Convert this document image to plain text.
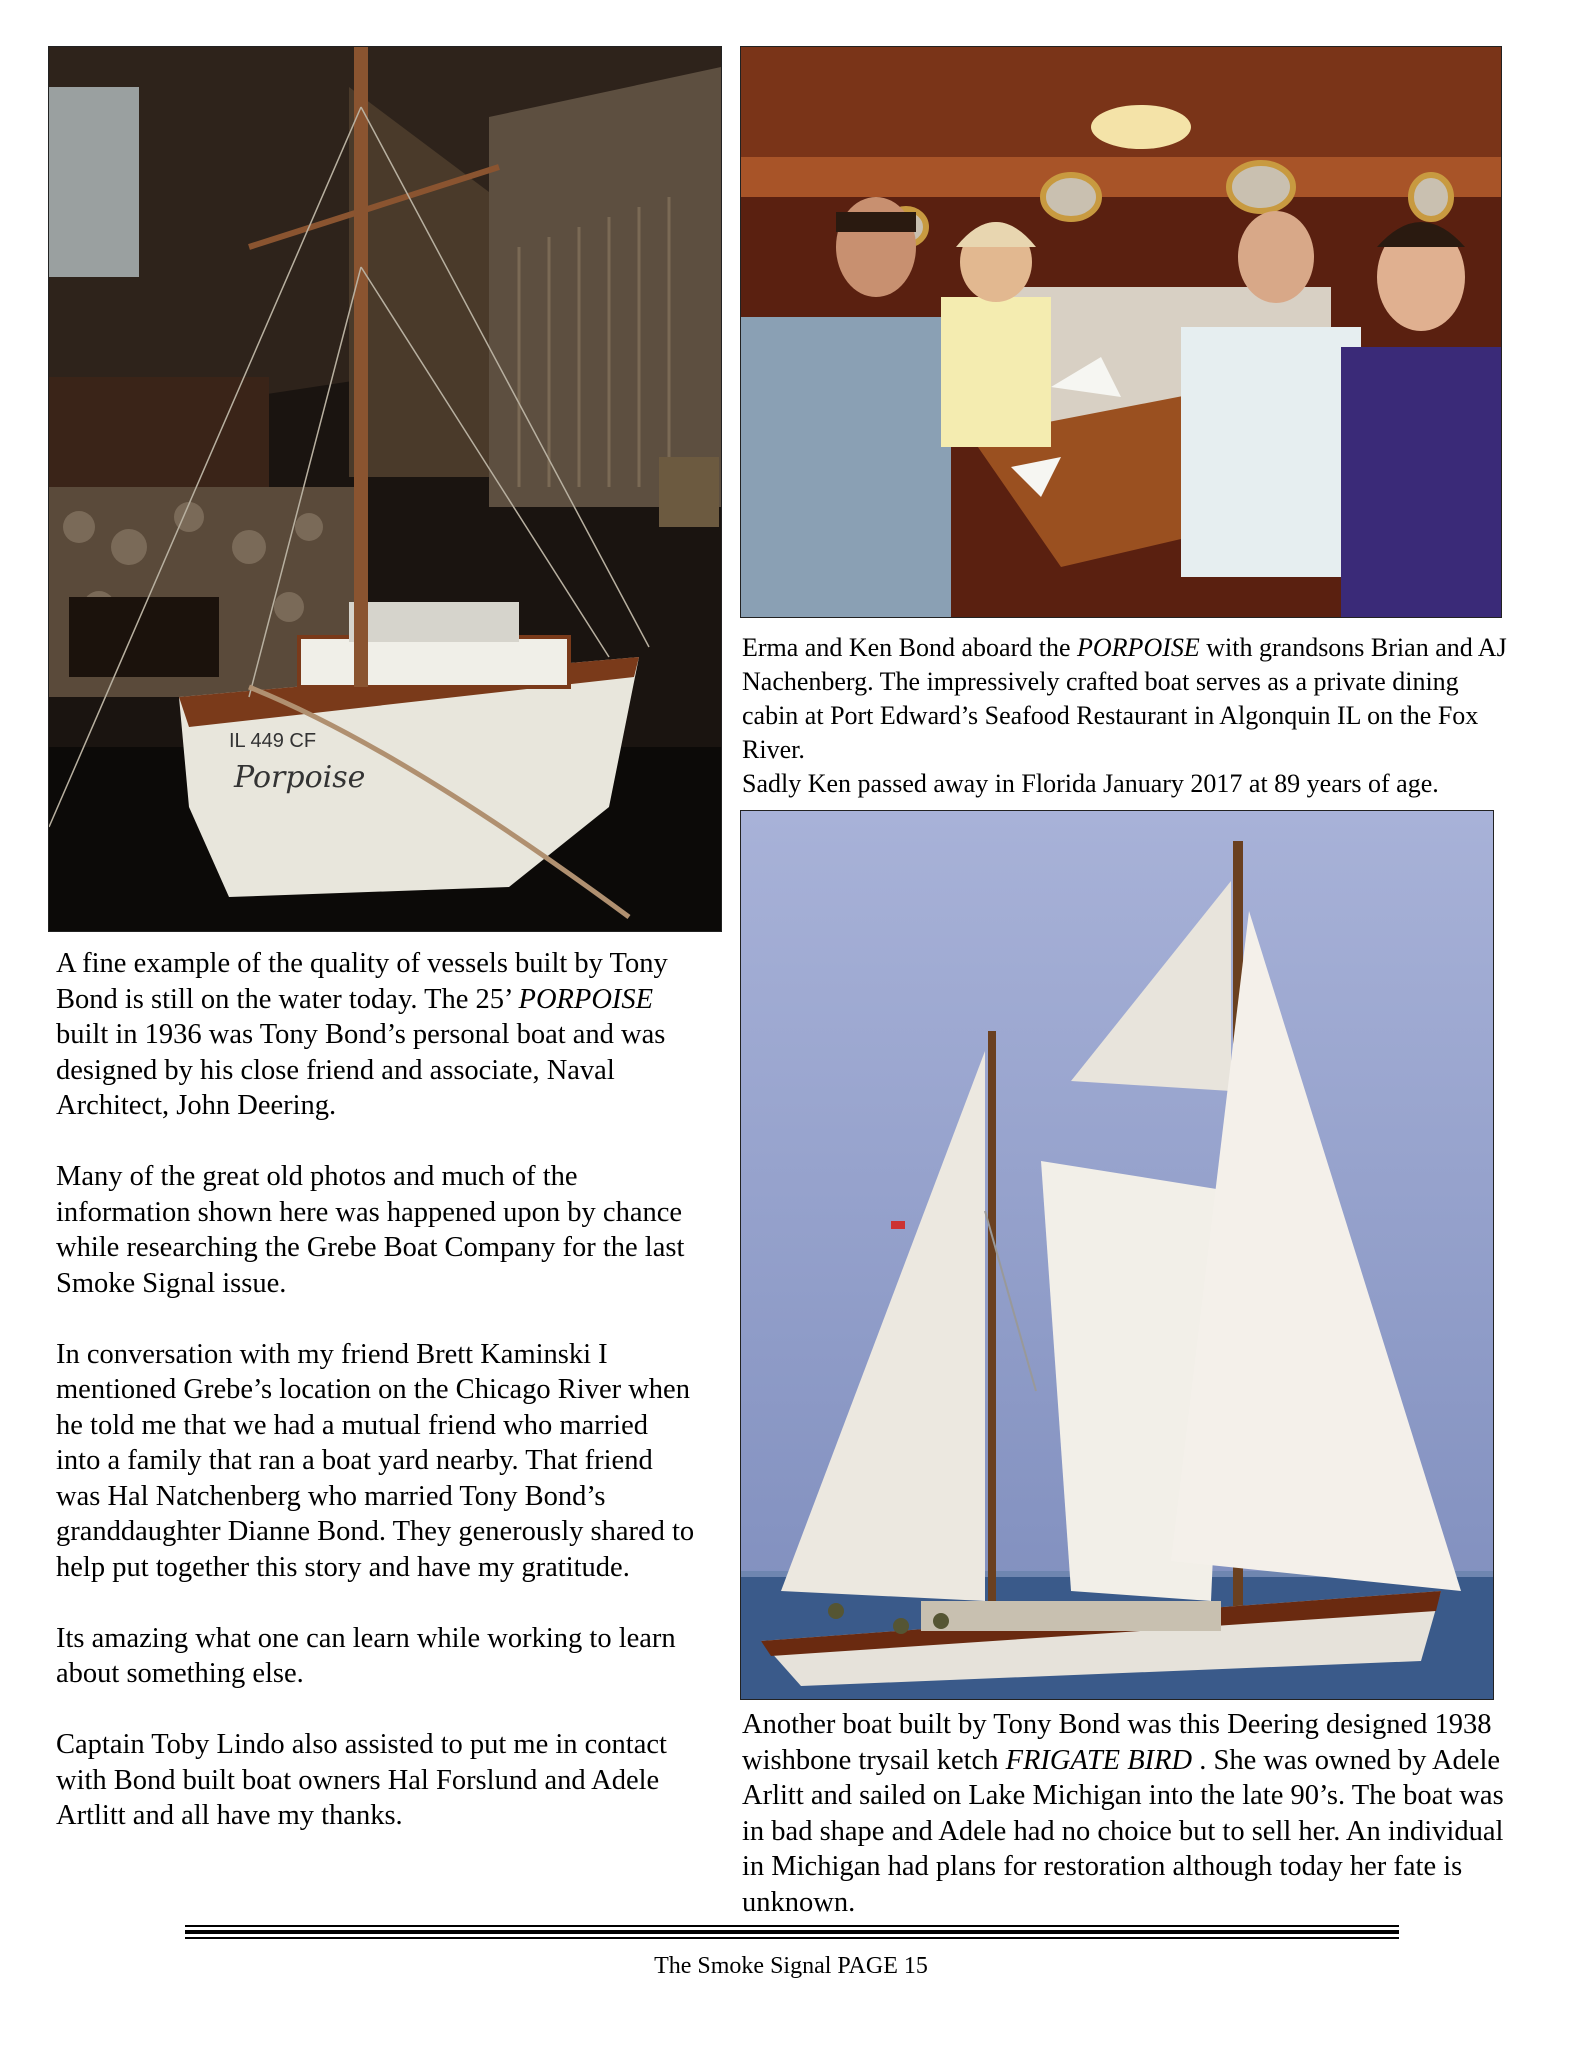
IL 449 CF
Porpoise

Erma and Ken Bond aboard the PORPOISE with grandsons Brian and AJ Nachenberg. The impressively crafted boat serves as a private dining cabin at Port Edward’s Seafood Restaurant in Algonquin IL on the Fox River.
Sadly Ken passed away in Florida January 2017 at 89 years of age.

Another boat built by Tony Bond was this Deering designed 1938 wishbone trysail ketch FRIGATE BIRD . She was owned by Adele Arlitt and sailed on Lake Michigan into the late 90’s. The boat was in bad shape and Adele had no choice but to sell her. An individual in Michigan had plans for restoration although today her fate is unknown.

A fine example of the quality of vessels built by Tony Bond is still on the water today. The 25’ PORPOISE built in 1936 was Tony Bond’s personal boat and was designed by his close friend and associate, Naval Architect, John Deering.

Many of the great old photos and much of the information shown here was happened upon by chance while researching the Grebe Boat Company for the last Smoke Signal issue.

In conversation with my friend Brett Kaminski I mentioned Grebe’s location on the Chicago River when he told me that we had a mutual friend who married into a family that ran a boat yard nearby. That friend was Hal Natchenberg who married Tony Bond’s granddaughter Dianne Bond. They generously shared to help put together this story and have my gratitude.

Its amazing what one can learn while working to learn about something else.

Captain Toby Lindo also assisted to put me in contact with Bond built boat owners Hal Forslund and Adele Artlitt and all have my thanks.

The Smoke Signal PAGE 15
